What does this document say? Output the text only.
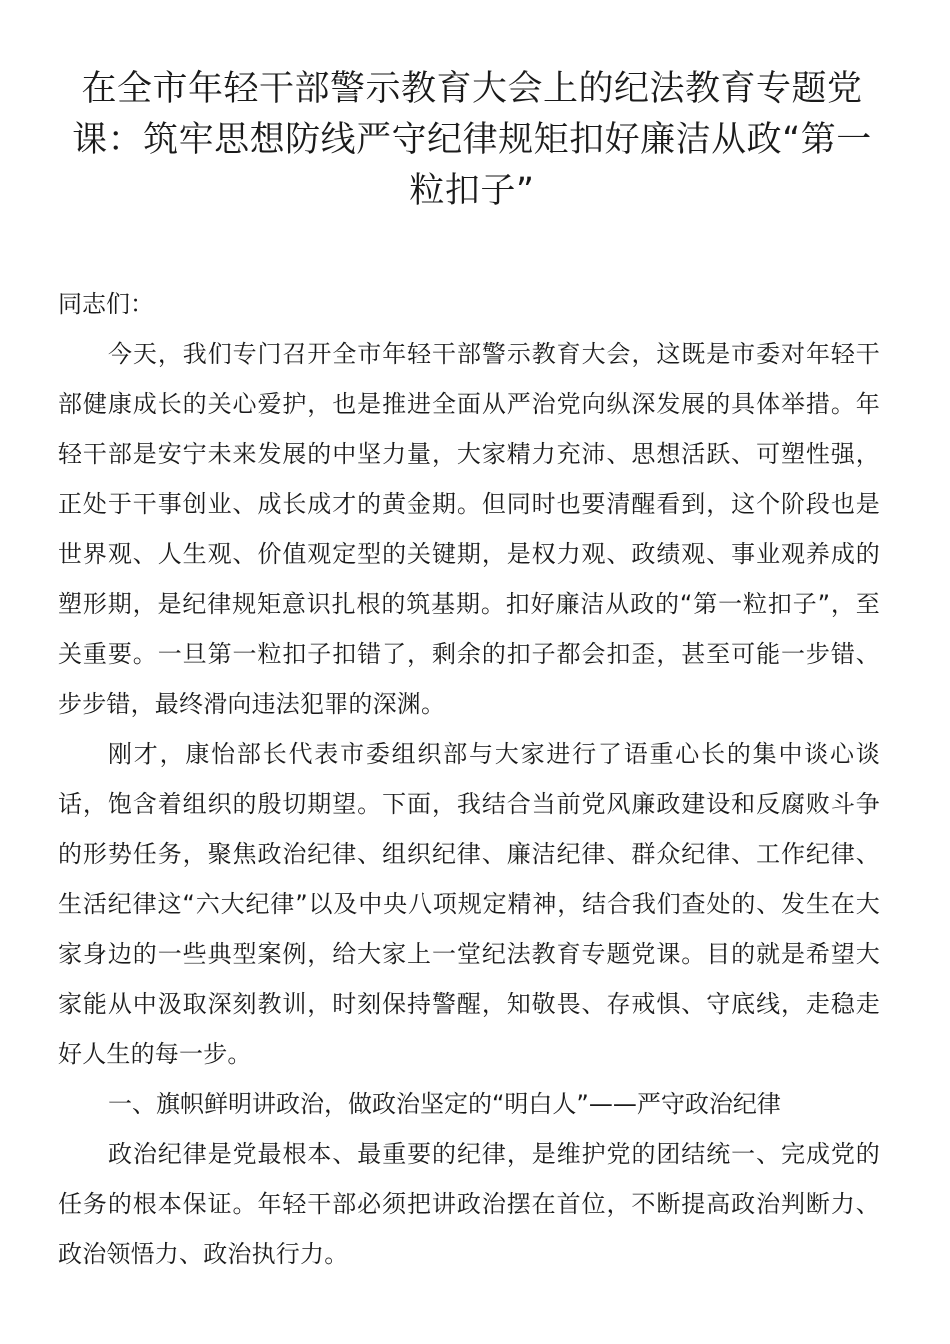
在全市年轻干部警示教育大会上的纪法教育专题党
课：筑牢思想防线严守纪律规矩扣好廉洁从政“第一
粒扣子”

同志们：

今天，我们专门召开全市年轻干部警示教育大会，这既是市委对年轻干部健康成长的关心爱护，也是推进全面从严治党向纵深发展的具体举措。年轻干部是安宁未来发展的中坚力量，大家精力充沛、思想活跃、可塑性强，正处于干事创业、成长成才的黄金期。但同时也要清醒看到，这个阶段也是世界观、人生观、价值观定型的关键期，是权力观、政绩观、事业观养成的塑形期，是纪律规矩意识扎根的筑基期。扣好廉洁从政的“第一粒扣子”，至关重要。一旦第一粒扣子扣错了，剩余的扣子都会扣歪，甚至可能一步错、步步错，最终滑向违法犯罪的深渊。

刚才，康怡部长代表市委组织部与大家进行了语重心长的集中谈心谈话，饱含着组织的殷切期望。下面，我结合当前党风廉政建设和反腐败斗争的形势任务，聚焦政治纪律、组织纪律、廉洁纪律、群众纪律、工作纪律、生活纪律这“六大纪律”以及中央八项规定精神，结合我们查处的、发生在大家身边的一些典型案例，给大家上一堂纪法教育专题党课。目的就是希望大家能从中汲取深刻教训，时刻保持警醒，知敬畏、存戒惧、守底线，走稳走好人生的每一步。

一、旗帜鲜明讲政治，做政治坚定的“明白人”——严守政治纪律

政治纪律是党最根本、最重要的纪律，是维护党的团结统一、完成党的任务的根本保证。年轻干部必须把讲政治摆在首位，不断提高政治判断力、政治领悟力、政治执行力。
